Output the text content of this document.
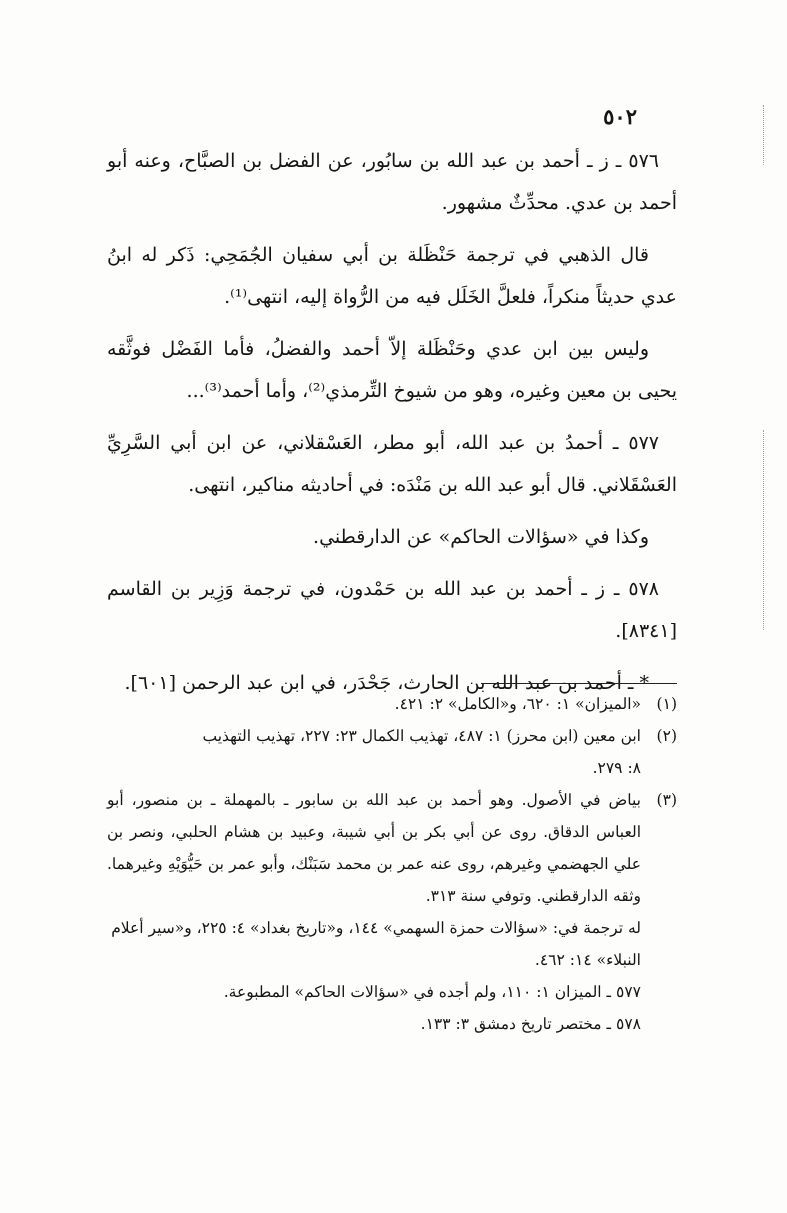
٥٠٢

٥٧٦ ـ ز ـ أحمد بن عبد الله بن سابُور، عن الفضل بن الصبَّاح، وعنه أبو أحمد بن عدي. محدِّثٌ مشهور.

قال الذهبي في ترجمة حَنْظَلة بن أبي سفيان الجُمَحِي: ذَكر له ابنُ عدي حديثاً منكراً، فلعلَّ الخَلَل فيه من الرُّواة إليه، انتهى⁽¹⁾.

وليس بين ابن عدي وحَنْظَلة إلاّ أحمد والفضلُ، فأما الفَضْل فوثَّقه يحيى بن معين وغيره، وهو من شيوخ التِّرمذي⁽²⁾، وأما أحمد⁽³⁾...

٥٧٧ ـ أحمدُ بن عبد الله، أبو مطر، العَسْقلاني، عن ابن أبي السَّرِيِّ العَسْقَلاني. قال أبو عبد الله بن مَنْدَه: في أحاديثه مناكير، انتهى.

وكذا في «سؤالات الحاكم» عن الدارقطني.

٥٧٨ ـ ز ـ أحمد بن عبد الله بن حَمْدون، في ترجمة وَزِير بن القاسم [٨٣٤١].

* ـ أحمد بن عبد الله بن الحارث، جَحْدَر، في ابن عبد الرحمن [٦٠١].

(١)
«الميزان» ١: ٦٢٠، و«الكامل» ٢: ٤٢١.
(٢)
ابن معين (ابن محرز) ١: ٤٨٧، تهذيب الكمال ٢٣: ٢٢٧، تهذيب التهذيب
٨: ٢٧٩.
(٣)
بياض في الأصول. وهو أحمد بن عبد الله بن سابور ـ بالمهملة ـ بن منصور، أبو العباس الدقاق. روى عن أبي بكر بن أبي شيبة، وعبيد بن هشام الحلبي، ونصر بن علي الجهضمي وغيرهم، روى عنه عمر بن محمد سَبَنْك، وأبو عمر بن حَيُّوَيْهِ وغيرهما. وثقه الدارقطني. وتوفي سنة ٣١٣.
له ترجمة في: «سؤالات حمزة السهمي» ١٤٤، و«تاريخ بغداد» ٤: ٢٢٥، و«سير أعلام النبلاء» ١٤: ٤٦٢.
٥٧٧ ـ الميزان ١: ١١٠، ولم أجده في «سؤالات الحاكم» المطبوعة.
٥٧٨ ـ مختصر تاريخ دمشق ٣: ١٣٣.
